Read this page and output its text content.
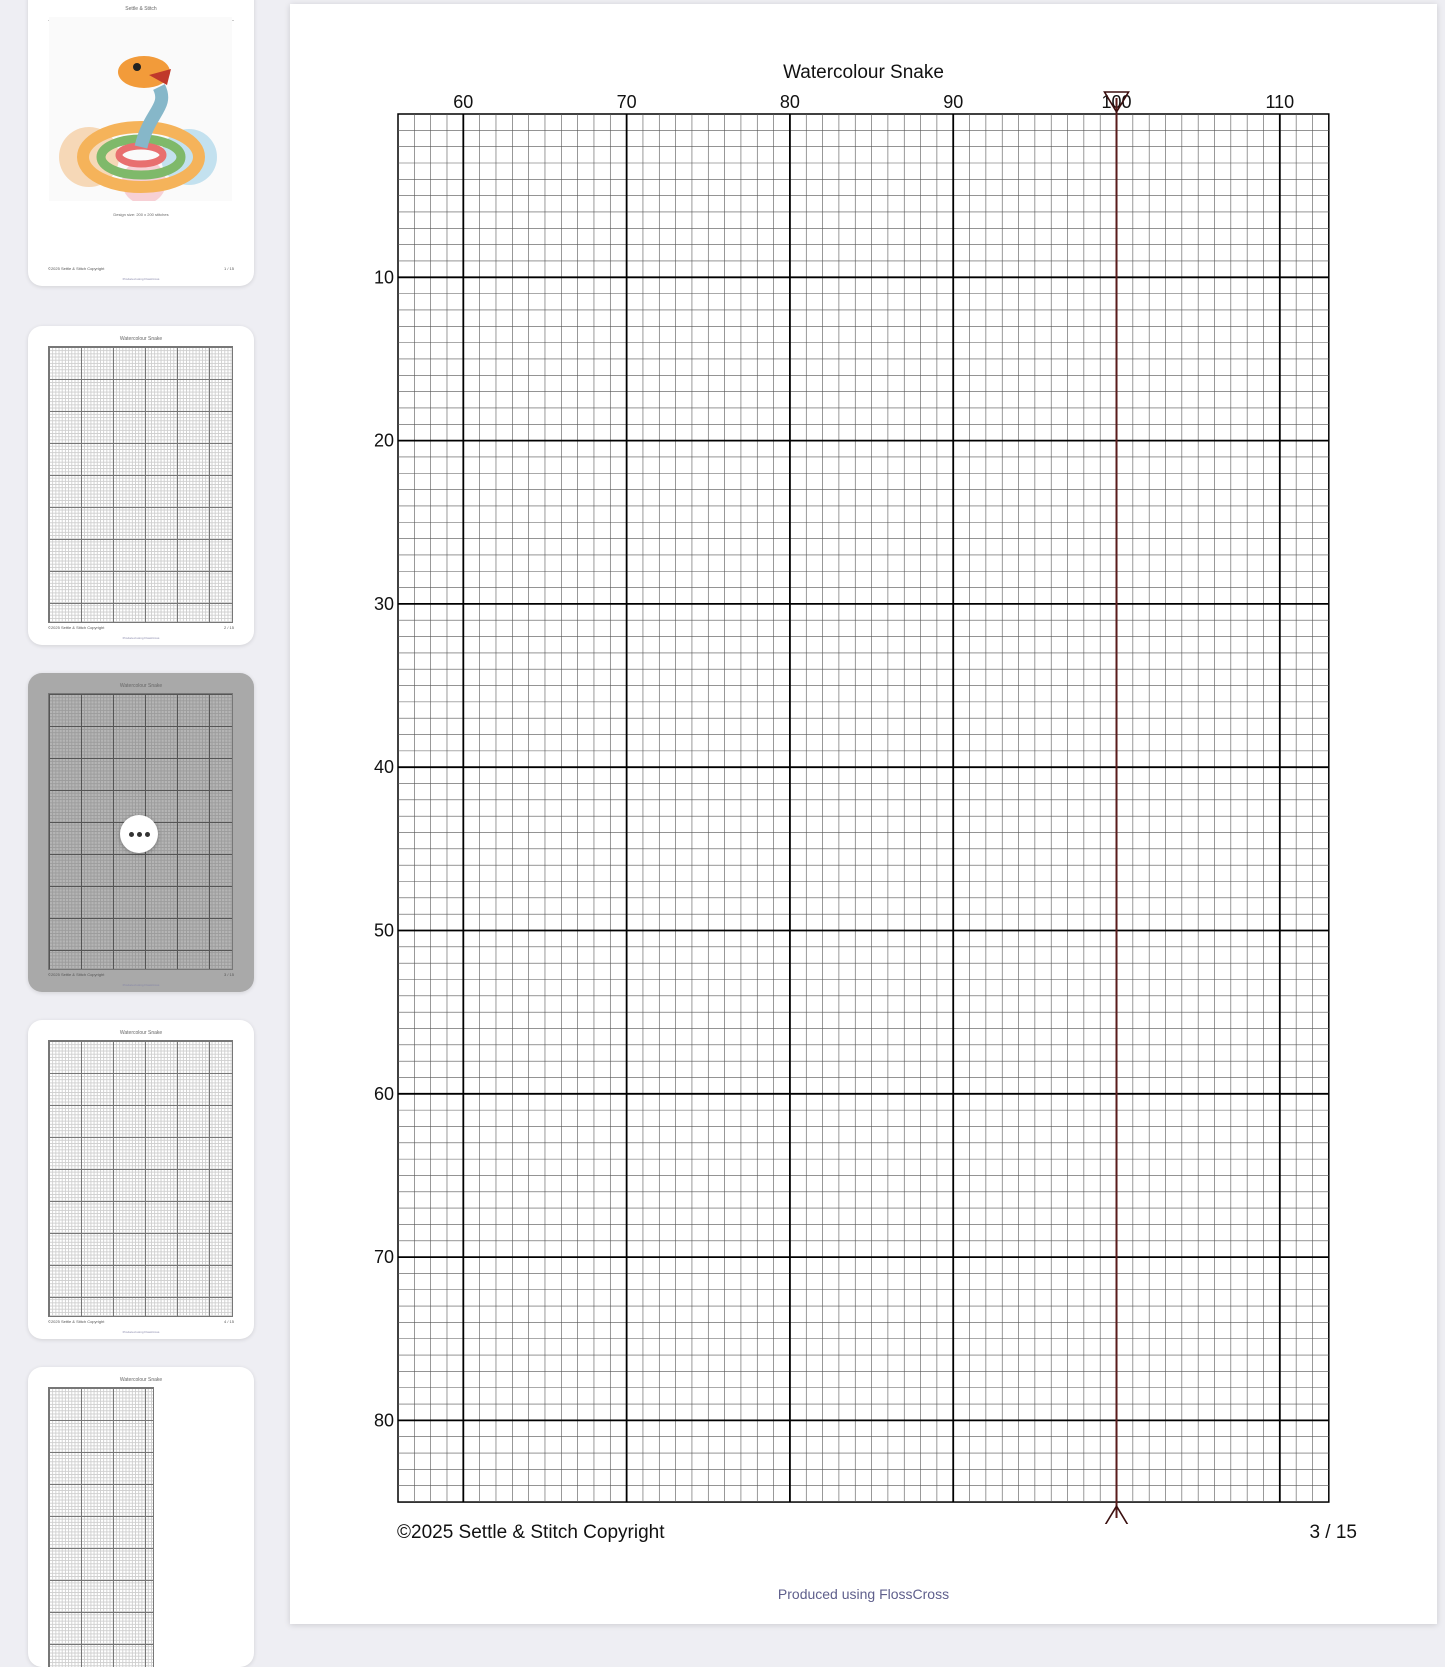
Settle & Stitch
Design size: 200 x 200 stitches
©2025 Settle & Stitch Copyright	1 / 15
Produced using FlossCross
Watercolour Snake
©2025 Settle & Stitch Copyright	2 / 15
Produced using FlossCross
Watercolour Snake
©2025 Settle & Stitch Copyright	3 / 15
Produced using FlossCross
Watercolour Snake
©2025 Settle & Stitch Copyright	4 / 15
Produced using FlossCross
Watercolour Snake
Watercolour Snake
60	70	80	90	100	110
10
20
30
40
50
60
70
80
©2025 Settle & Stitch Copyright	3 / 15
Produced using FlossCross
